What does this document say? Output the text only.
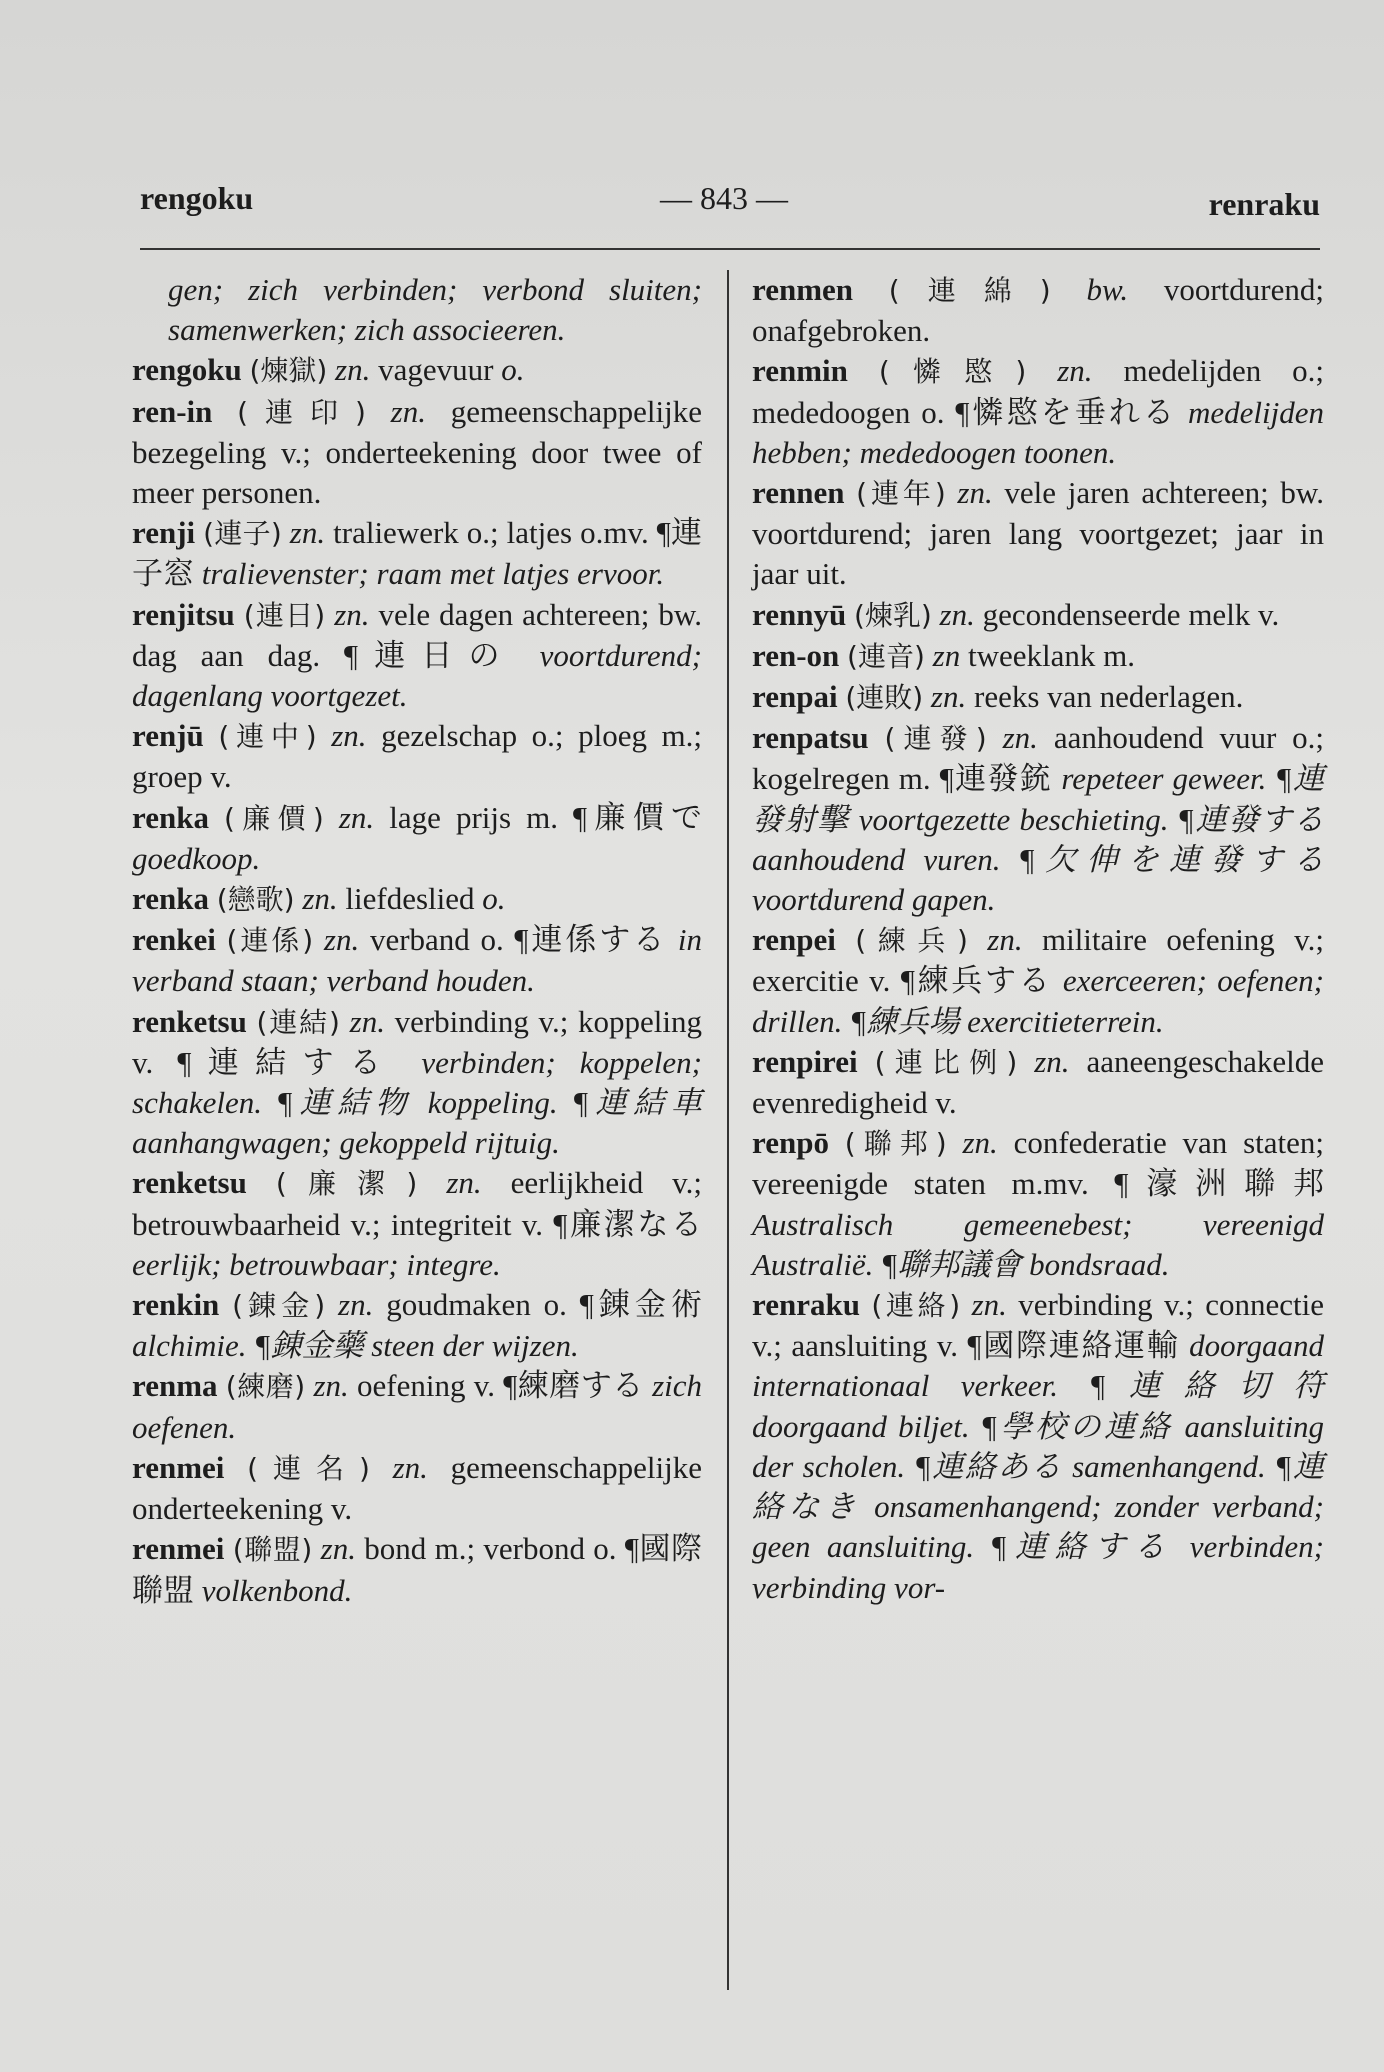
rengoku	— 843 —	renraku
gen; zich verbinden; verbond sluiten; samenwerken; zich associeeren.
rengoku (煉獄) zn. vagevuur o.
ren-in (連印) zn. gemeenschappelijke bezegeling v.; onderteekening door twee of meer personen.
renji (連子) zn. traliewerk o.; latjes o.mv. ¶連子窓 tralievenster; raam met latjes ervoor.
renjitsu (連日) zn. vele dagen achtereen; bw. dag aan dag. ¶連日の voortdurend; dagenlang voortgezet.
renjū (連中) zn. gezelschap o.; ploeg m.; groep v.
renka (廉價) zn. lage prijs m. ¶廉價で goedkoop.
renka (戀歌) zn. liefdeslied o.
renkei (連係) zn. verband o. ¶連係する in verband staan; verband houden.
renketsu (連結) zn. verbinding v.; koppeling v. ¶連結する verbinden; koppelen; schakelen. ¶連結物 koppeling. ¶連結車 aanhangwagen; gekoppeld rijtuig.
renketsu (廉潔) zn. eerlijkheid v.; betrouwbaarheid v.; integriteit v. ¶廉潔なる eerlijk; betrouwbaar; integre.
renkin (錬金) zn. goudmaken o. ¶錬金術 alchimie. ¶錬金藥 steen der wijzen.
renma (練磨) zn. oefening v. ¶練磨する zich oefenen.
renmei (連名) zn. gemeenschappelijke onderteekening v.
renmei (聯盟) zn. bond m.; verbond o. ¶國際聯盟 volkenbond.
renmen (連綿) bw. voortdurend; onafgebroken.
renmin (憐愍) zn. medelijden o.; mededoogen o. ¶憐愍を垂れる medelijden hebben; mededoogen toonen.
rennen (連年) zn. vele jaren achtereen; bw. voortdurend; jaren lang voortgezet; jaar in jaar uit.
rennyū (煉乳) zn. gecondenseerde melk v.
ren-on (連音) zn tweeklank m.
renpai (連敗) zn. reeks van nederlagen.
renpatsu (連發) zn. aanhoudend vuur o.; kogelregen m. ¶連發銃 repeteer geweer. ¶連發射擊 voortgezette beschieting. ¶連發する aanhoudend vuren. ¶欠伸を連發する voortdurend gapen.
renpei (練兵) zn. militaire oefening v.; exercitie v. ¶練兵する exerceeren; oefenen; drillen. ¶練兵場 exercitieterrein.
renpirei (連比例) zn. aaneengeschakelde evenredigheid v.
renpō (聯邦) zn. confederatie van staten; vereenigde staten m.mv. ¶濠洲聯邦 Australisch gemeenebest; vereenigd Australië. ¶聯邦議會 bondsraad.
renraku (連絡) zn. verbinding v.; connectie v.; aansluiting v. ¶國際連絡運輸 doorgaand internationaal verkeer. ¶連絡切符 doorgaand biljet. ¶學校の連絡 aansluiting der scholen. ¶連絡ある samenhangend. ¶連絡なき onsamenhangend; zonder verband; geen aansluiting. ¶連絡する verbinden; verbinding vor-
